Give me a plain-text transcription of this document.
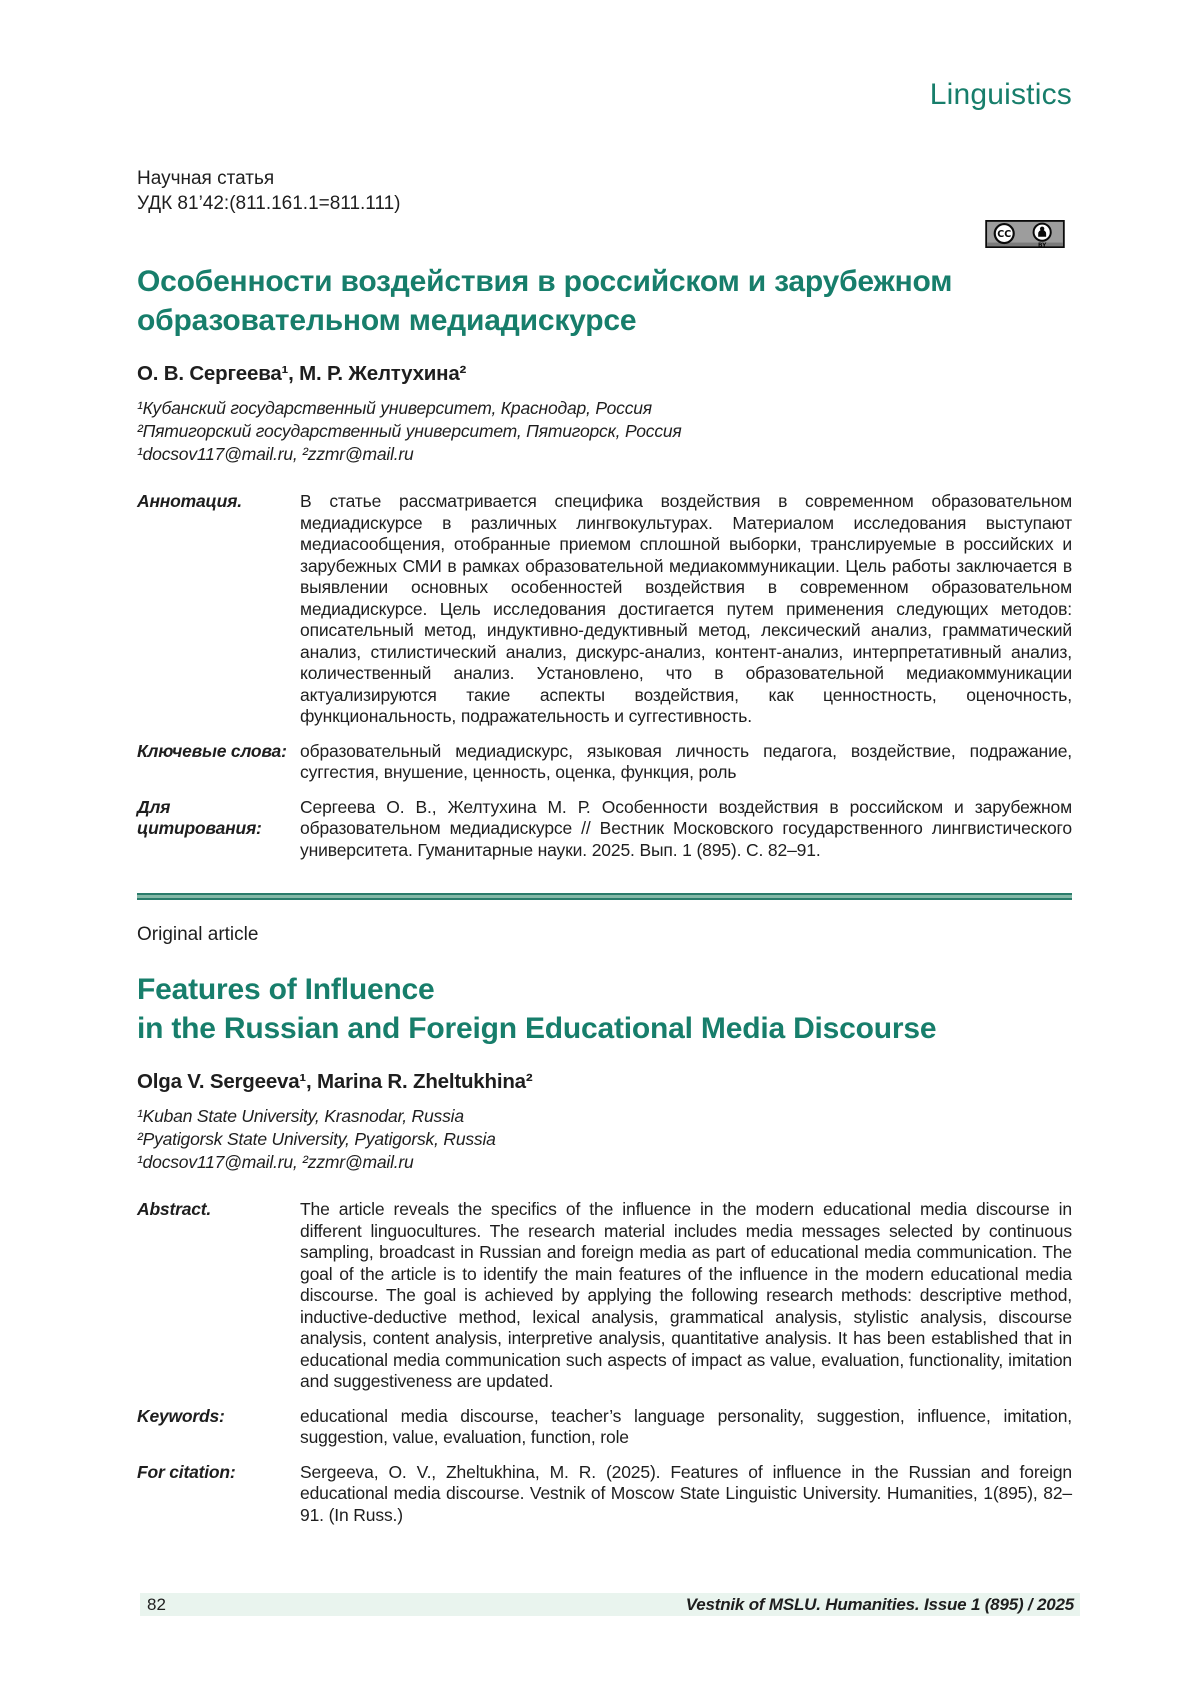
Linguistics
Научная статья
УДК 81’42:(811.161.1=811.111)
CC
BY
Особенности воздействия в российском и зарубежном
образовательном медиадискурсе
О. В. Сергеева¹, М. Р. Желтухина²
¹Кубанский государственный университет, Краснодар, Россия
²Пятигорский государственный университет, Пятигорск, Россия
¹docsov117@mail.ru, ²zzmr@mail.ru
Аннотация.	В статье рассматривается специфика воздействия в современном образовательном медиадискурсе в различных лингвокультурах. Материалом исследования выступают медиасообщения, отобранные приемом сплошной выборки, транслируемые в российских и зарубежных СМИ в рамках образовательной медиакоммуникации. Цель работы заключается в выявлении основных особенностей воздействия в современном образовательном медиадискурсе. Цель исследования достигается путем применения следующих методов: описательный метод, индуктивно-дедуктивный метод, лексический анализ, грамматический анализ, стилистический анализ, дискурс-анализ, контент-анализ, интерпретативный анализ, количественный анализ. Установлено, что в образовательной медиакоммуникации актуализируются такие аспекты воздействия, как ценностность, оценочность, функциональность, подражательность и суггестивность.
Ключевые слова: образовательный медиадискурс, языковая личность педагога, воздействие, подражание, суггестия, внушение, ценность, оценка, функция, роль
Для цитирования:
Сергеева О. В., Желтухина М. Р. Особенности воздействия в российском и зарубежном образовательном медиадискурсе // Вестник Московского государственного лингвистического университета. Гуманитарные науки. 2025. Вып. 1 (895). С. 82–91.
Original article
Features of Influence
in the Russian and Foreign Educational Media Discourse
Olga V. Sergeeva¹, Marina R. Zheltukhina²
¹Kuban State University, Krasnodar, Russia
²Pyatigorsk State University, Pyatigorsk, Russia
¹docsov117@mail.ru, ²zzmr@mail.ru
Abstract.	The article reveals the specifics of the influence in the modern educational media discourse in different linguocultures. The research material includes media messages selected by continuous sampling, broadcast in Russian and foreign media as part of educational media communication. The goal of the article is to identify the main features of the influence in the modern educational media discourse. The goal is achieved by applying the following research methods: descriptive method, inductive-deductive method, lexical analysis, grammatical analysis, stylistic analysis, discourse analysis, content analysis, interpretive analysis, quantitative analysis. It has been established that in educational media communication such aspects of impact as value, evaluation, functionality, imitation and suggestiveness are updated.
Keywords:	educational media discourse, teacher’s language personality, suggestion, influence, imitation, suggestion, value, evaluation, function, role
For citation:	Sergeeva, O. V., Zheltukhina, M. R. (2025). Features of influence in the Russian and foreign educational media discourse. Vestnik of Moscow State Linguistic University. Humanities, 1(895), 82–91. (In Russ.)
82	Vestnik of MSLU. Humanities. Issue 1 (895) / 2025
